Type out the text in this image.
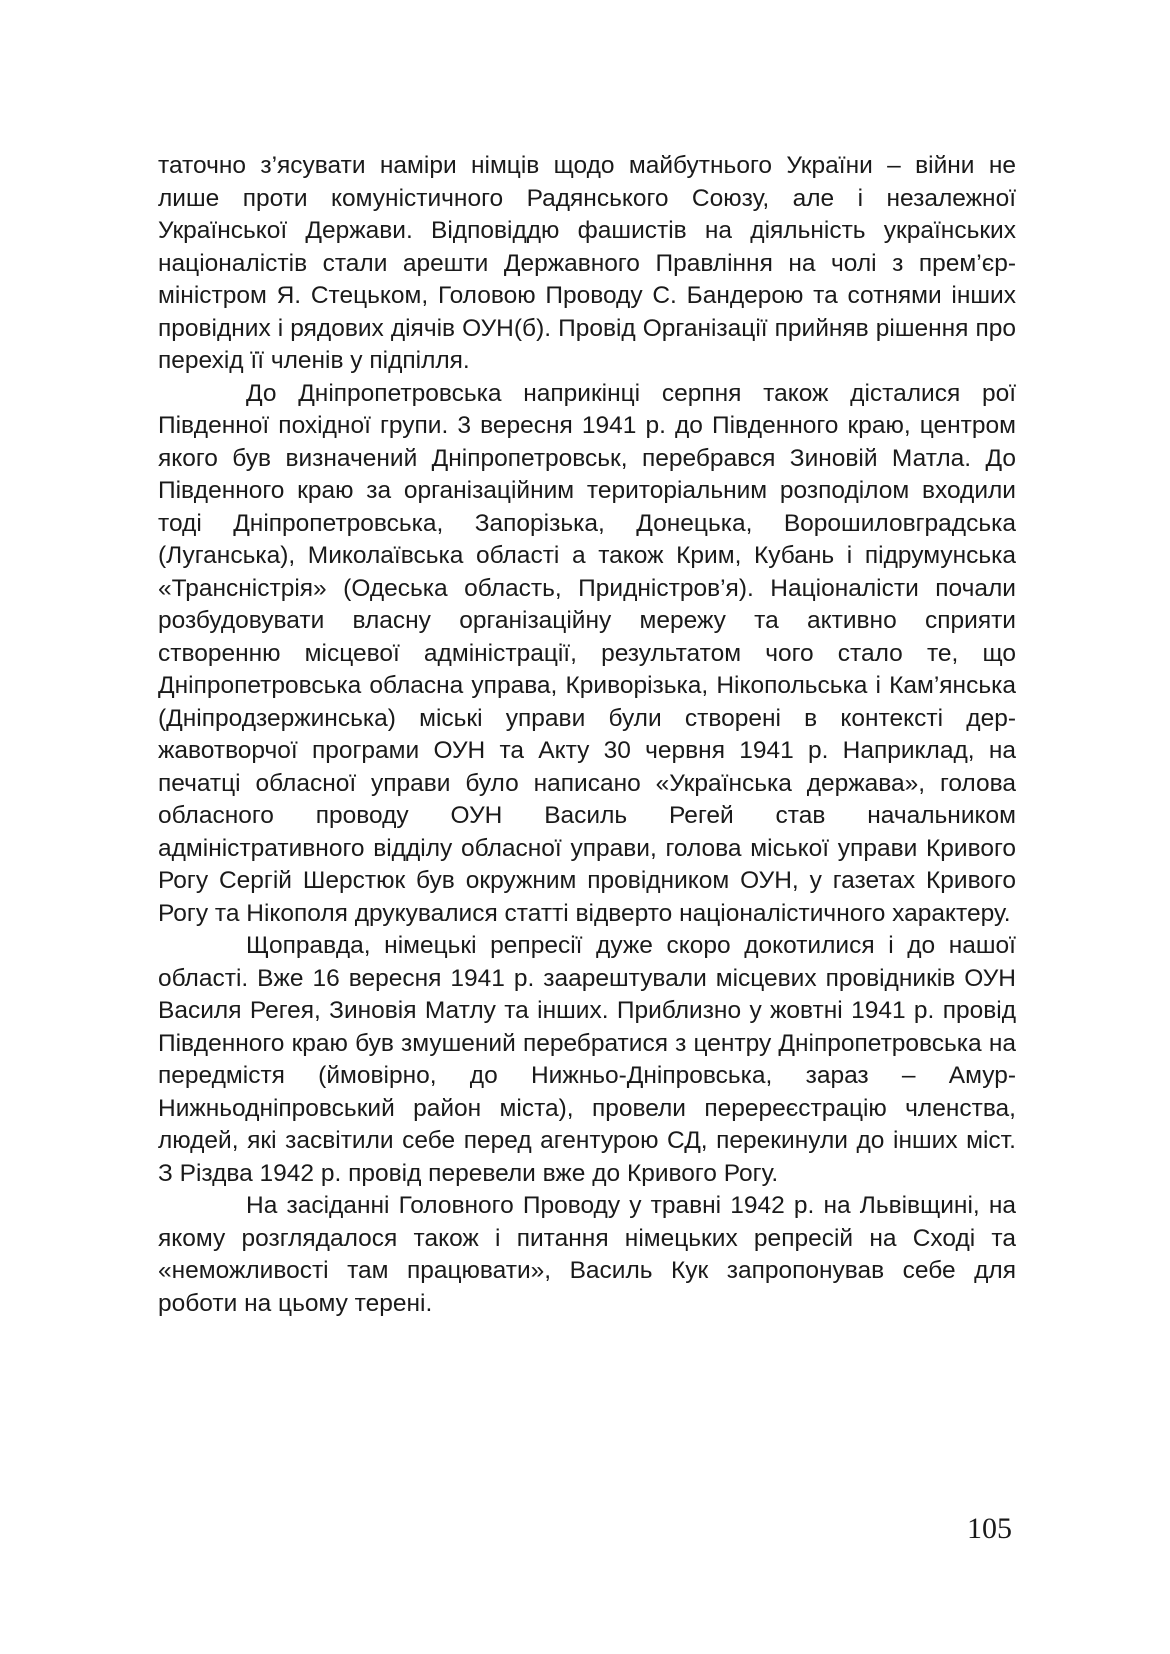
таточно з’ясувати наміри німців щодо майбутнього України – війни не лише проти комуністичного Радянського Союзу, але і незалежної Української Держави. Відповіддю фашистів на діяльність українських націоналістів стали арешти Державного Правління на чолі з прем’єр-міністром Я. Стецьком, Головою Проводу С. Бандерою та сотнями інших провідних і рядових діячів ОУН(б). Провід Організації прийняв рішення про перехід її членів у підпілля.

До Дніпропетровська наприкінці серпня також дісталися рої Південної похідної групи. 3 вересня 1941 р. до Південного краю, центром якого був визначений Дніпропетровськ, перебрався Зиновій Матла. До Південного краю за організаційним територіальним розподілом входили тоді Дніпропетровська, Запорізька, Донецька, Ворошиловградська (Луганська), Миколаївська області а також Крим, Кубань і підрумунська «Трансністрія» (Одеська область, Придністров’я). Націоналісти почали розбудовувати власну організаційну мережу та активно сприяти створенню місцевої адміністрації, результатом чого стало те, що Дніпропетровська обласна управа, Криворізька, Нікопольська і Кам’янська (Дніпродзержинська) міські управи були створені в контексті державотворчої програми ОУН та Акту 30 червня 1941 р. Наприклад, на печатці обласної управи було написано «Українська держава», голова обласного проводу ОУН Василь Регей став начальником адміністративного відділу обласної управи, голова міської управи Кривого Рогу Сергій Шерстюк був окружним провідником ОУН, у газетах Кривого Рогу та Нікополя друкувалися статті відверто націоналістичного характеру.

Щоправда, німецькі репресії дуже скоро докотилися і до нашої області. Вже 16 вересня 1941 р. заарештували місцевих провідників ОУН Василя Регея, Зиновія Матлу та інших. Приблизно у жовтні 1941 р. провід Південного краю був змушений перебратися з центру Дніпропетровська на передмістя (ймовірно, до Нижньо-Дніпровська, зараз – Амур-Нижньодніпровський район міста), провели перереєстрацію членства, людей, які засвітили себе перед агентурою СД, перекинули до інших міст. З Різдва 1942 р. провід перевели вже до Кривого Рогу.

На засіданні Головного Проводу у травні 1942 р. на Львівщині, на якому розглядалося також і питання німецьких репресій на Сході та «неможливості там працювати», Василь Кук запропонував себе для роботи на цьому терені.

105
